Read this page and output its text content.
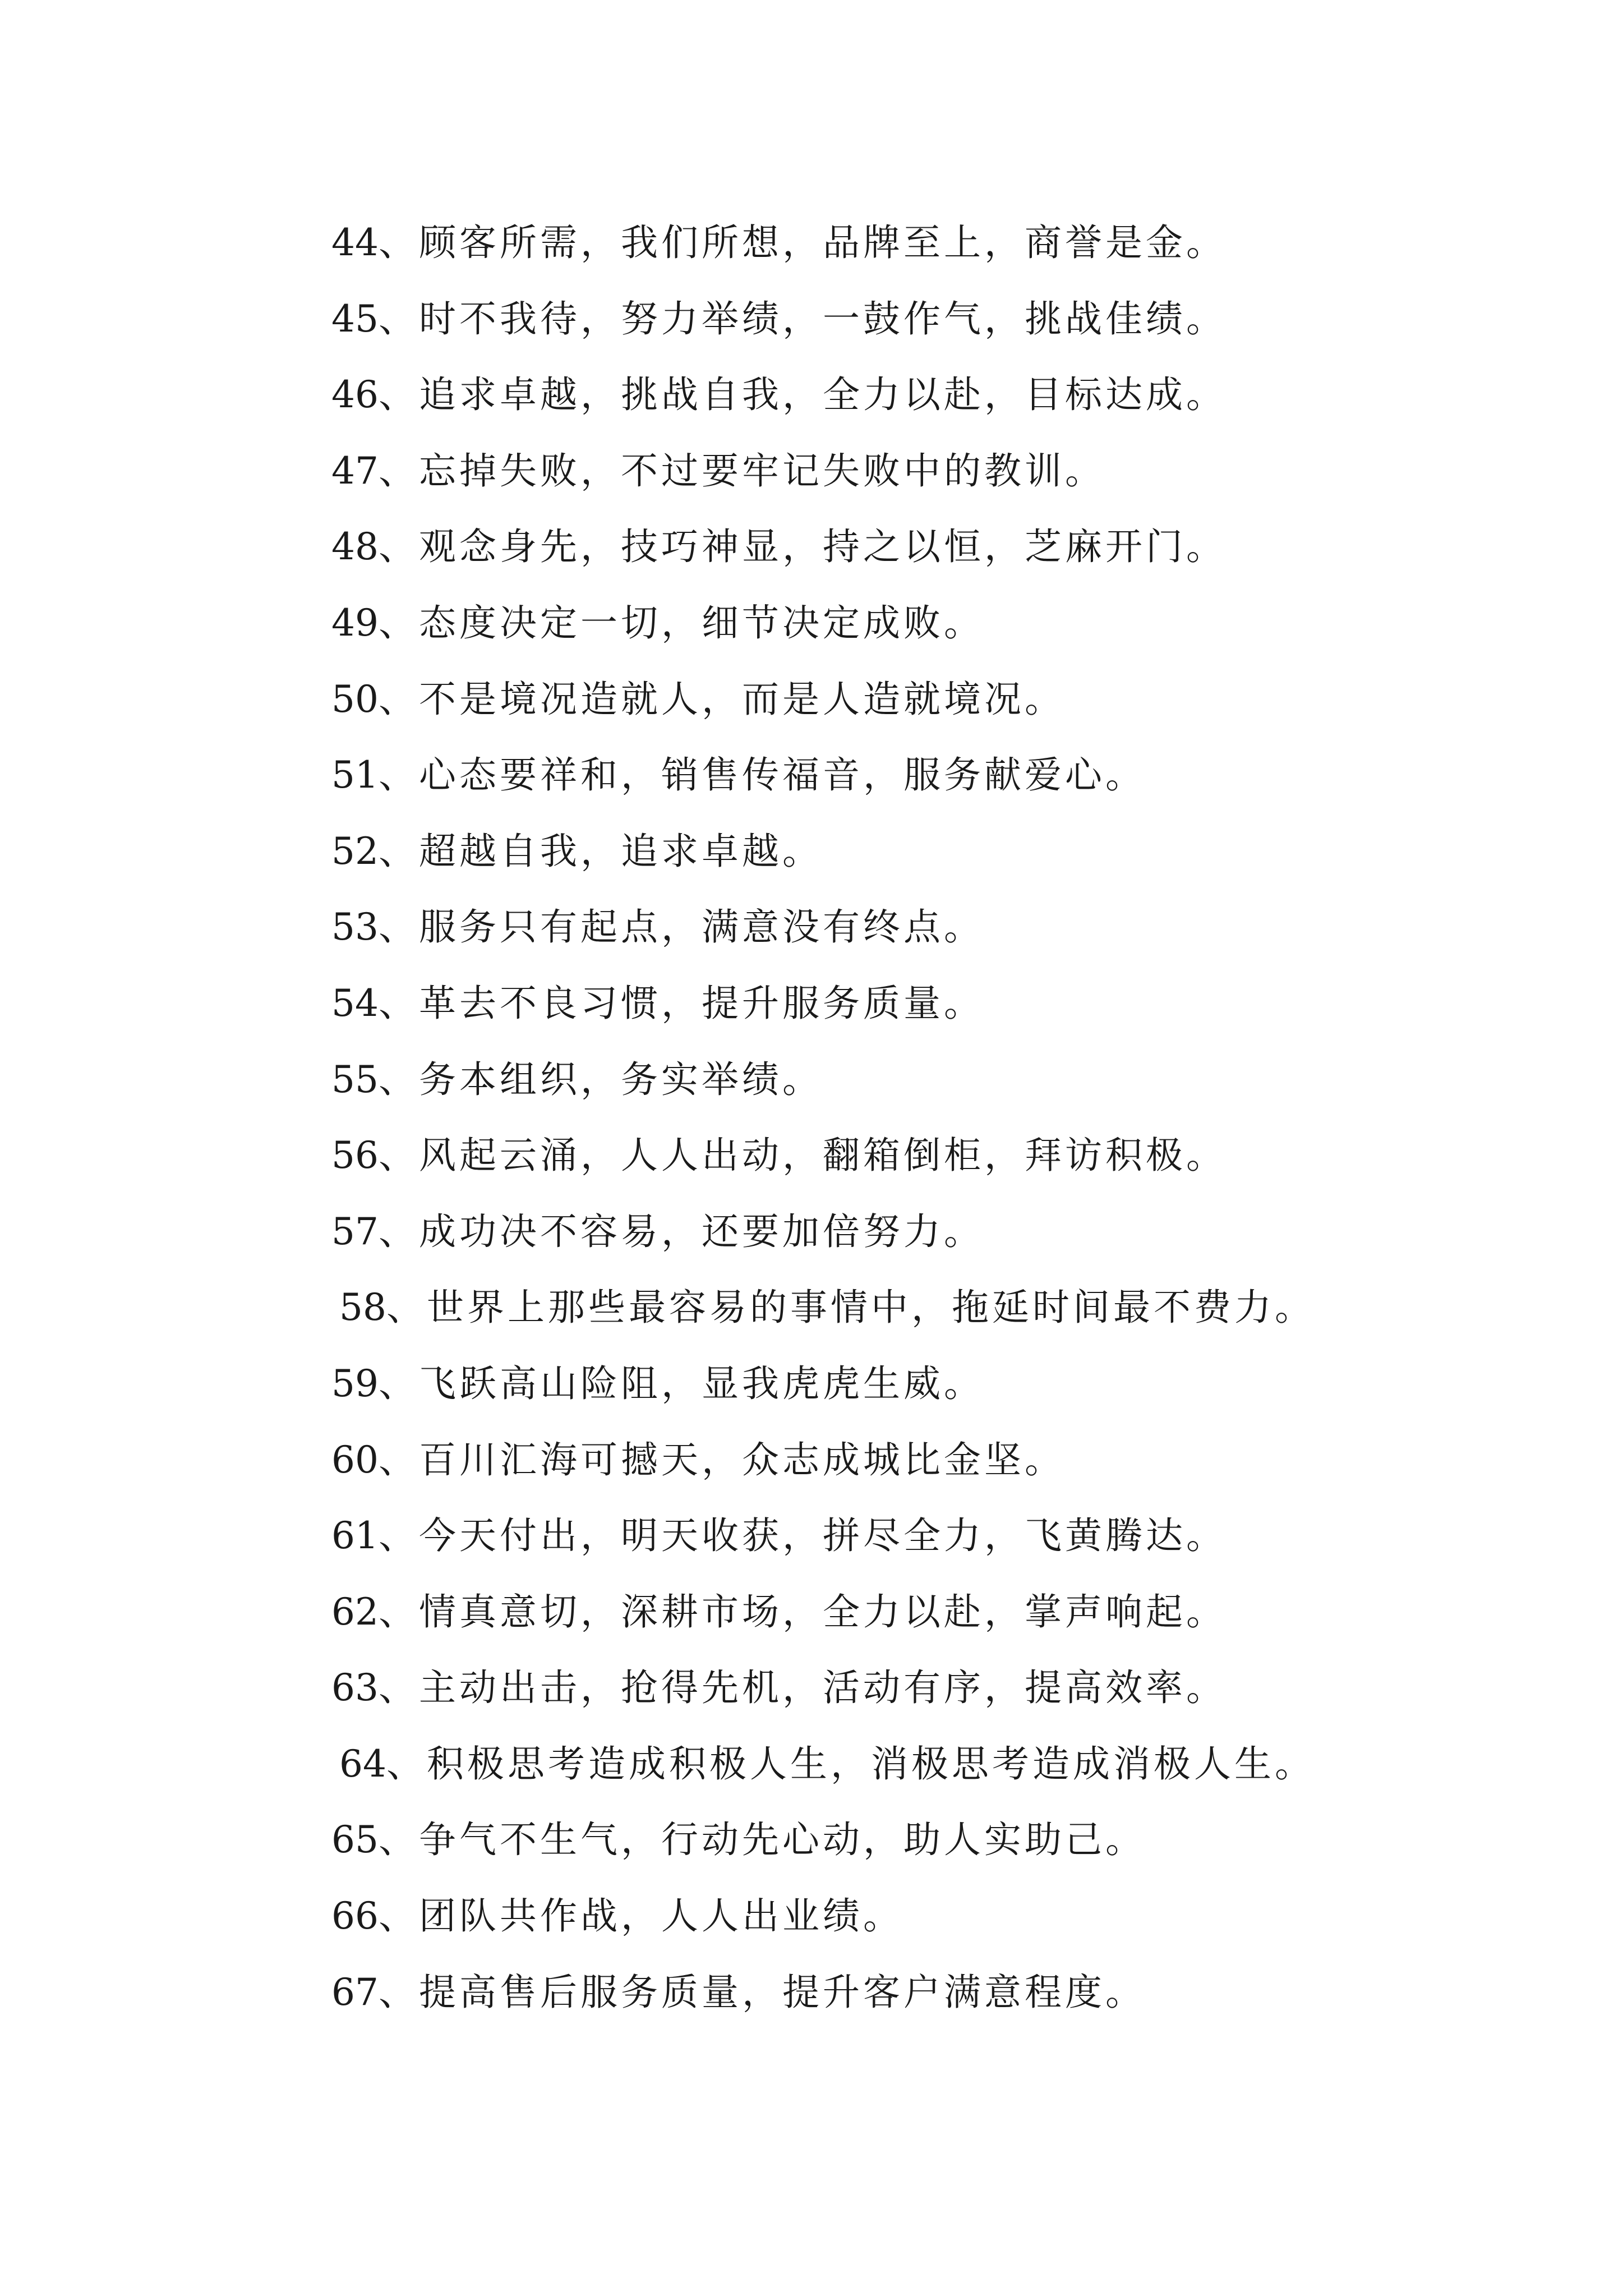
44、顾客所需，我们所想，品牌至上，商誉是金。
45、时不我待，努力举绩，一鼓作气，挑战佳绩。
46、追求卓越，挑战自我，全力以赴，目标达成。
47、忘掉失败，不过要牢记失败中的教训。
48、观念身先，技巧神显，持之以恒，芝麻开门。
49、态度决定一切，细节决定成败。
50、不是境况造就人，而是人造就境况。
51、心态要祥和，销售传福音，服务献爱心。
52、超越自我，追求卓越。
53、服务只有起点，满意没有终点。
54、革去不良习惯，提升服务质量。
55、务本组织，务实举绩。
56、风起云涌，人人出动，翻箱倒柜，拜访积极。
57、成功决不容易，还要加倍努力。
58、世界上那些最容易的事情中，拖延时间最不费力。
59、飞跃高山险阻，显我虎虎生威。
60、百川汇海可撼天，众志成城比金坚。
61、今天付出，明天收获，拼尽全力，飞黄腾达。
62、情真意切，深耕市场，全力以赴，掌声响起。
63、主动出击，抢得先机，活动有序，提高效率。
64、积极思考造成积极人生，消极思考造成消极人生。
65、争气不生气，行动先心动，助人实助己。
66、团队共作战，人人出业绩。
67、提高售后服务质量，提升客户满意程度。
